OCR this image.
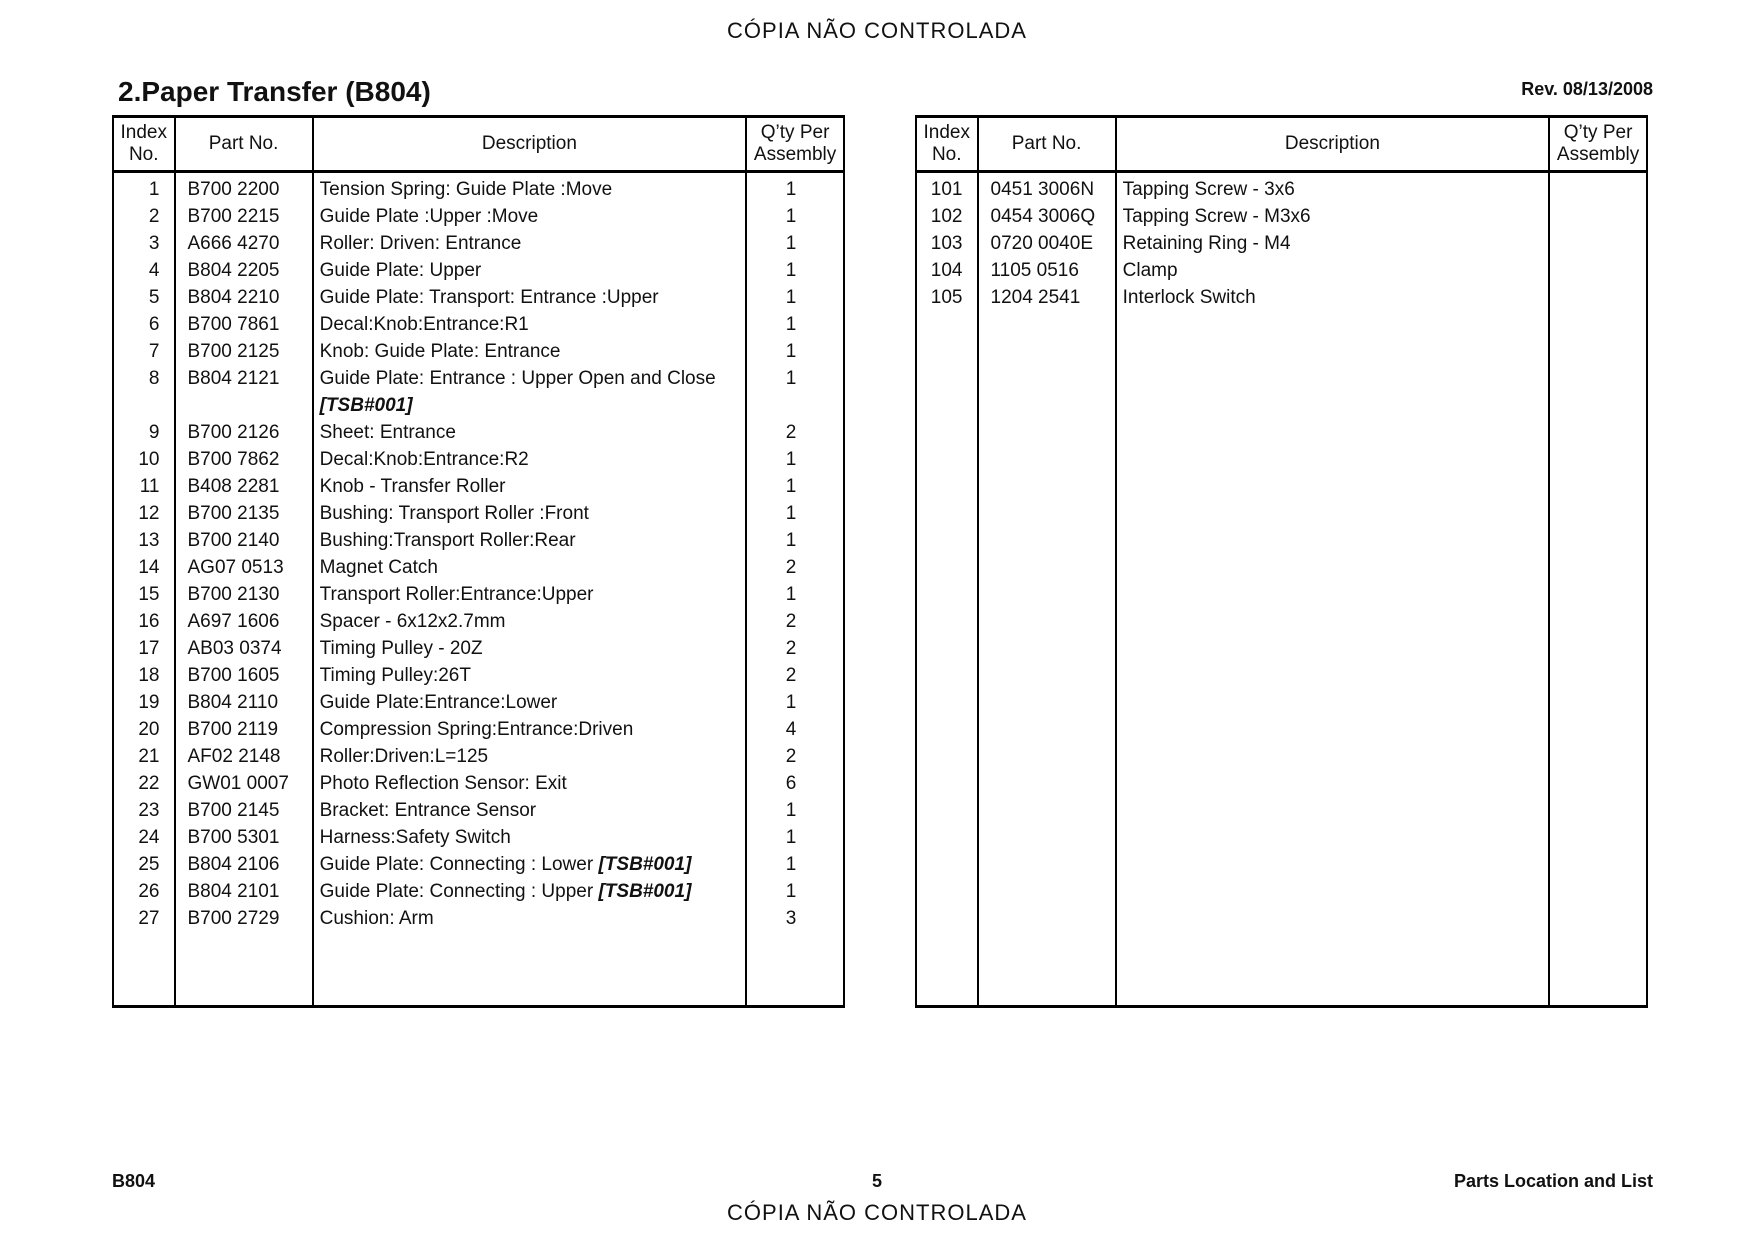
CÓPIA NÃO CONTROLADA
2.Paper Transfer (B804)	Rev. 08/13/2008
Index No.	Part No.	Description	Q’ty Per Assembly
1	B700 2200	Tension Spring: Guide Plate :Move	1
2	B700 2215	Guide Plate :Upper :Move	1
3	A666 4270	Roller: Driven: Entrance	1
4	B804 2205	Guide Plate: Upper	1
5	B804 2210	Guide Plate: Transport: Entrance :Upper	1
6	B700 7861	Decal:Knob:Entrance:R1	1
7	B700 2125	Knob: Guide Plate: Entrance	1
8	B804 2121	Guide Plate: Entrance : Upper Open and Close	1
		[TSB#001]	
9	B700 2126	Sheet: Entrance	2
10	B700 7862	Decal:Knob:Entrance:R2	1
11	B408 2281	Knob - Transfer Roller	1
12	B700 2135	Bushing: Transport Roller :Front	1
13	B700 2140	Bushing:Transport Roller:Rear	1
14	AG07 0513	Magnet Catch	2
15	B700 2130	Transport Roller:Entrance:Upper	1
16	A697 1606	Spacer - 6x12x2.7mm	2
17	AB03 0374	Timing Pulley - 20Z	2
18	B700 1605	Timing Pulley:26T	2
19	B804 2110	Guide Plate:Entrance:Lower	1
20	B700 2119	Compression Spring:Entrance:Driven	4
21	AF02 2148	Roller:Driven:L=125	2
22	GW01 0007	Photo Reflection Sensor: Exit	6
23	B700 2145	Bracket: Entrance Sensor	1
24	B700 5301	Harness:Safety Switch	1
25	B804 2106	Guide Plate: Connecting : Lower [TSB#001]	1
26	B804 2101	Guide Plate: Connecting : Upper [TSB#001]	1
27	B700 2729	Cushion: Arm	3

Index No.	Part No.	Description	Q’ty Per Assembly
101	0451 3006N	Tapping Screw - 3x6	
102	0454 3006Q	Tapping Screw - M3x6	
103	0720 0040E	Retaining Ring - M4	
104	1105 0516	Clamp	
105	1204 2541	Interlock Switch	

B804	5	Parts Location and List
CÓPIA NÃO CONTROLADA
